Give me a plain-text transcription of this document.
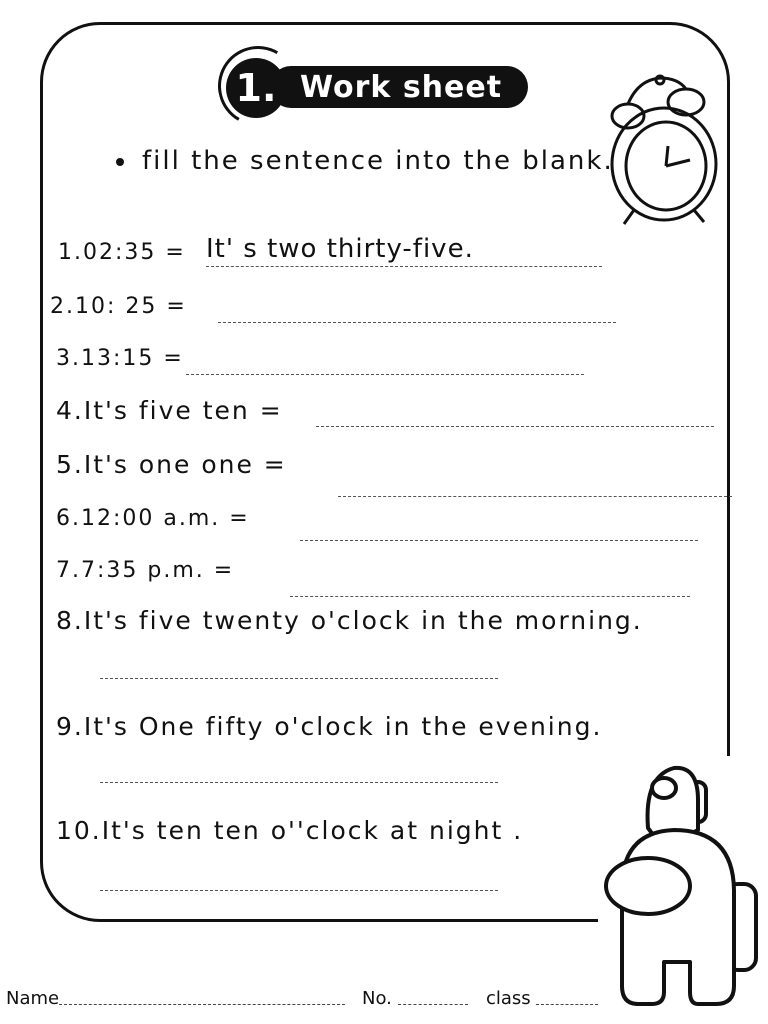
1. Work sheet
fill the sentence into the blank.
1.02:35 = It' s two thirty-five.
2.10: 25 =
3.13:15 =
4.It's five ten =
5.It's one one =
6.12:00 a.m. =
7.7:35 p.m. =
8.It's five twenty o'clock in the morning.
9.It's One fifty o'clock in the evening.
10.It's ten ten o''clock at night .
Name	No.	class
